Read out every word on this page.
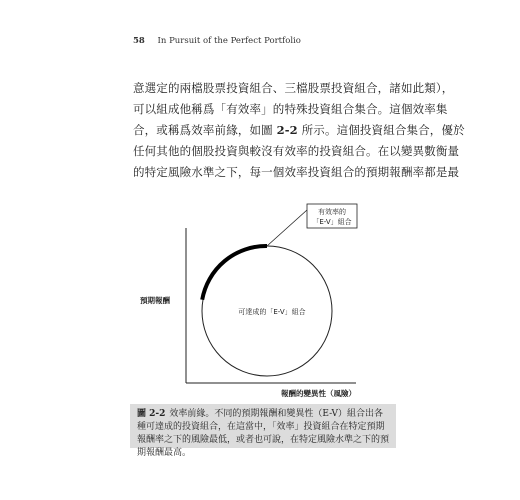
58 In Pursuit of the Perfect Portfolio
意選定的兩檔股票投資組合、三檔股票投資組合，諸如此類），
可以組成他稱爲「有效率」的特殊投資組合集合。這個效率集
合，或稱爲效率前緣，如圖 2-2 所示。這個投資組合集合，優於
任何其他的個股投資與較沒有效率的投資組合。在以變異數衡量
的特定風險水準之下，每一個效率投資組合的預期報酬率都是最
有效率的
「E-V」組合
可達成的「E-V」組合
預期報酬
報酬的變異性（風險）
圖 2-2 效率前緣。不同的預期報酬和變異性（E-V）組合出各種可達成的投資組合，在這當中，「效率」投資組合在特定預期報酬率之下的風險最低，或者也可說，在特定風險水準之下的預期報酬最高。
